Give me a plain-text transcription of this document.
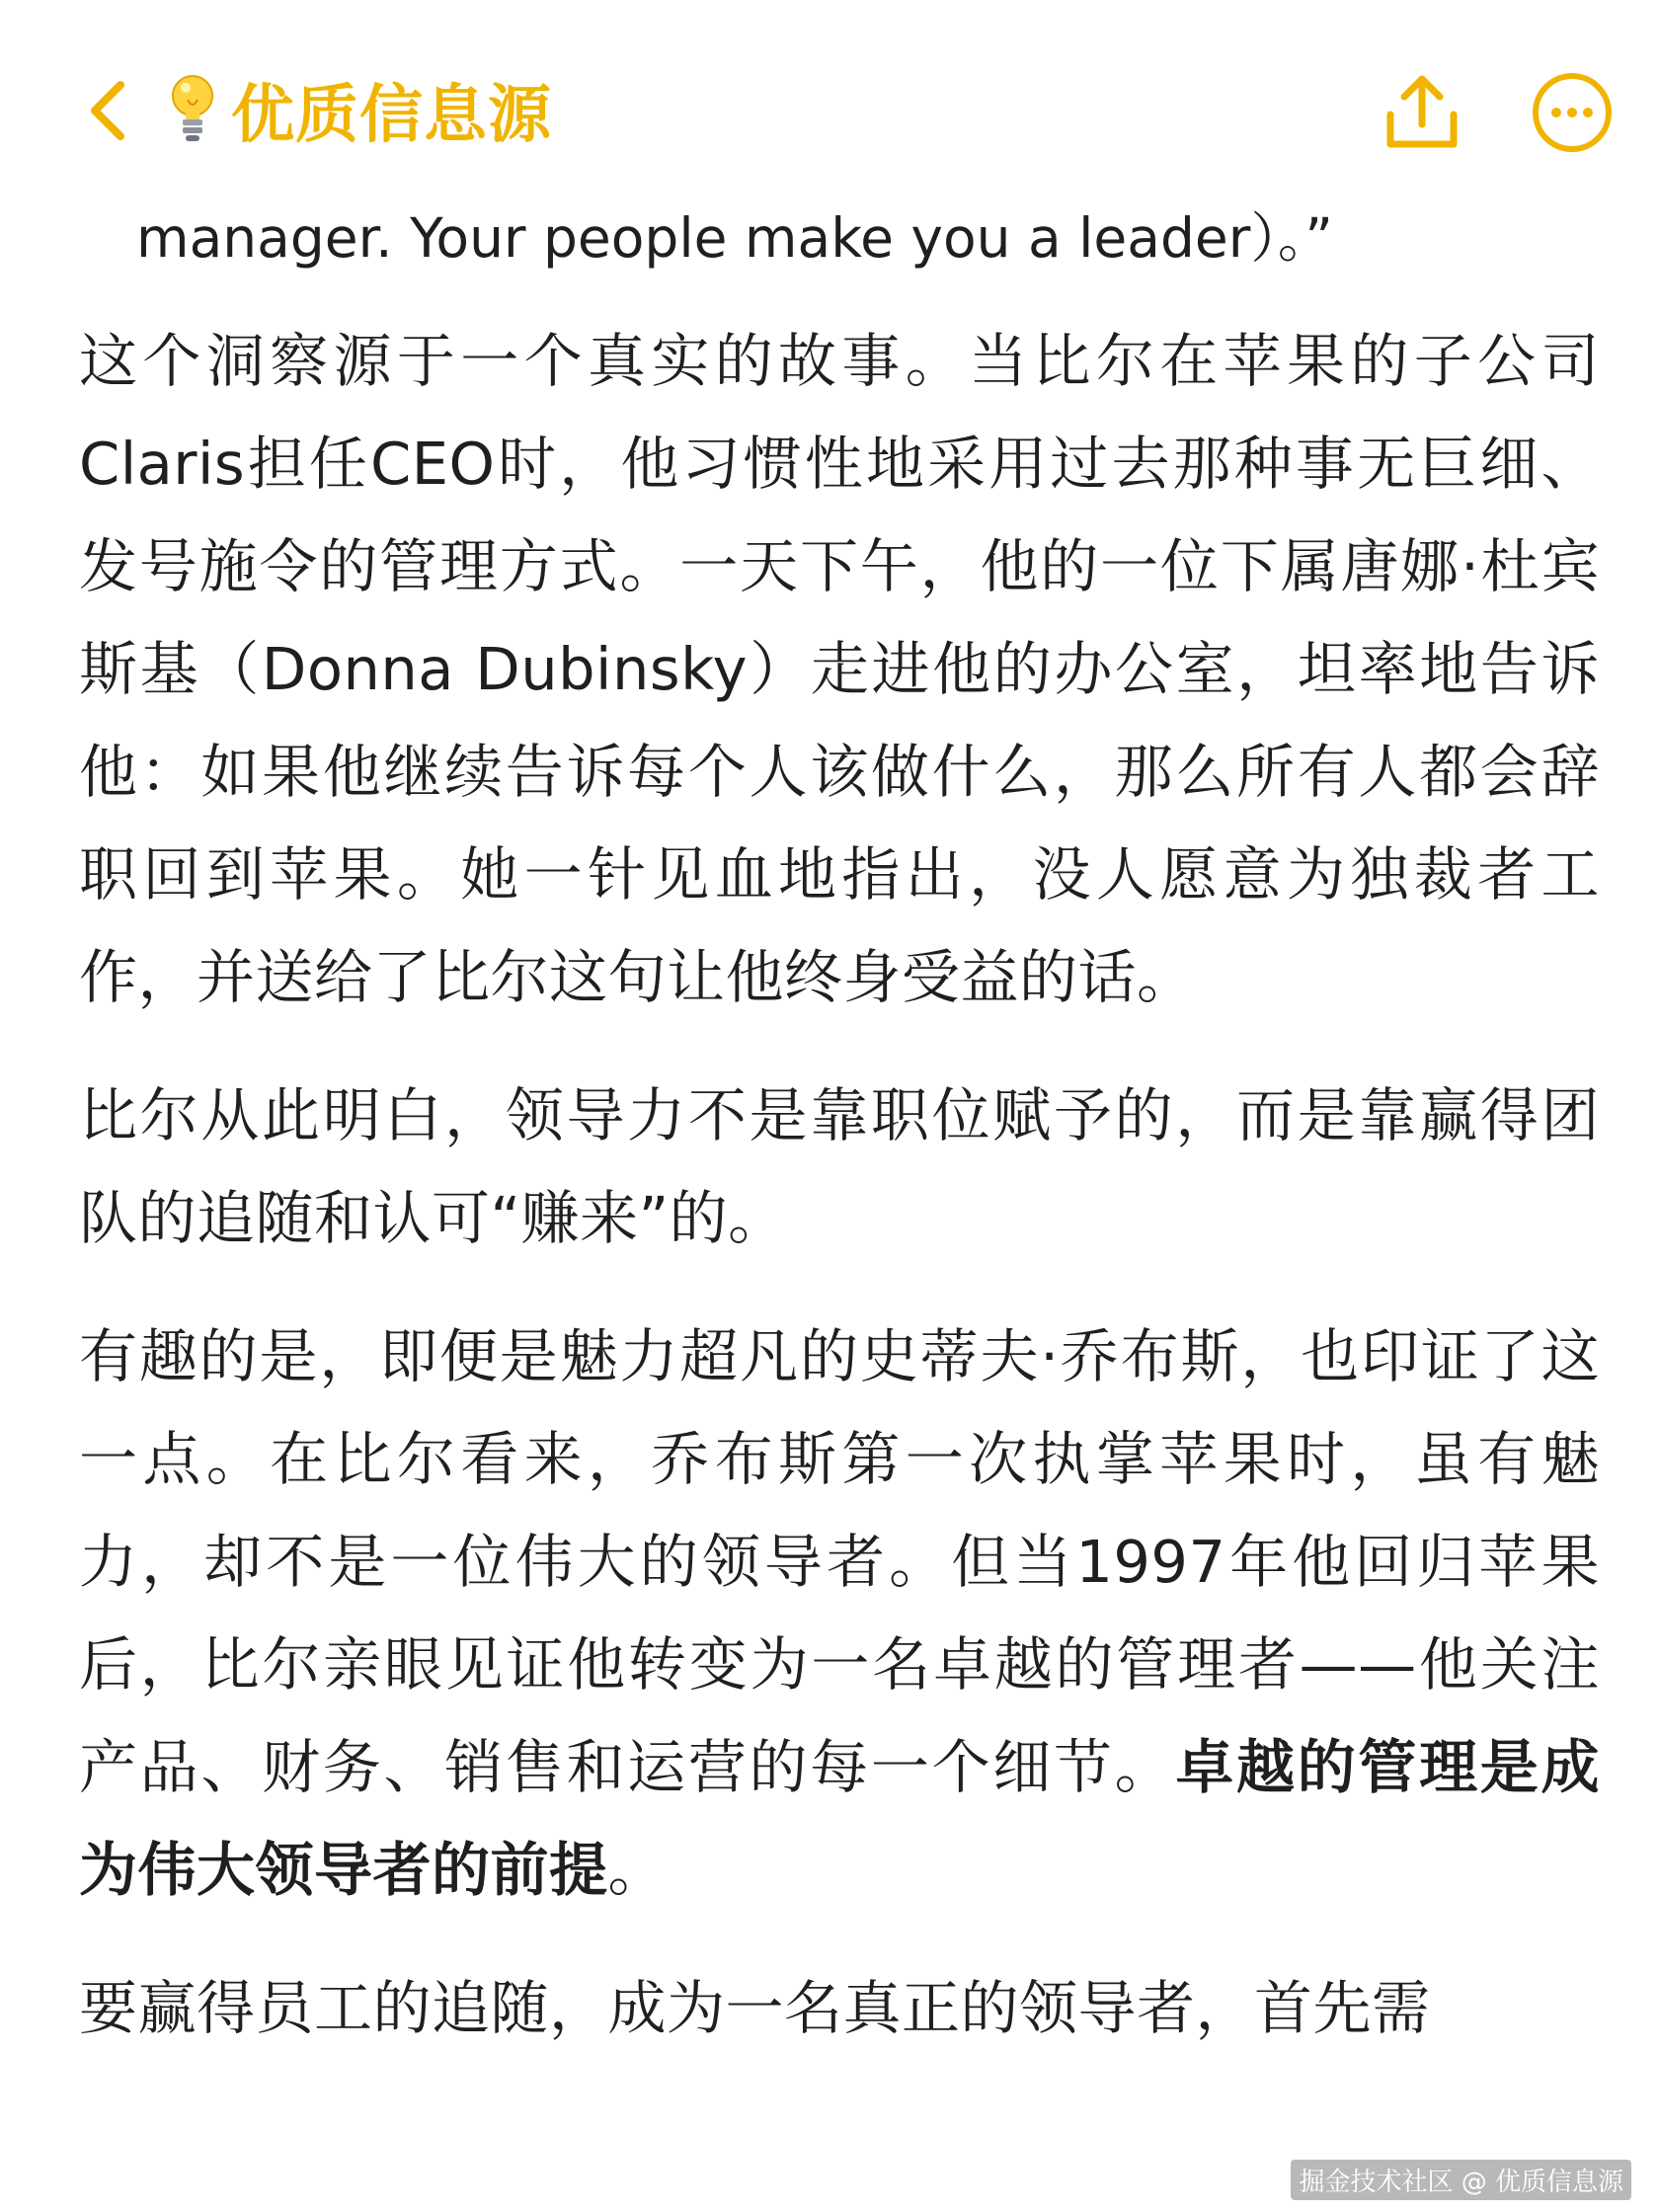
优质信息源
manager. Your people make you a leader）。”

这个洞察源于一个真实的故事。当比尔在苹果的子公司Claris担任CEO时，他习惯性地采用过去那种事无巨细、发号施令的管理方式。一天下午，他的一位下属唐娜·杜宾斯基（Donna Dubinsky）走进他的办公室，坦率地告诉他：如果他继续告诉每个人该做什么，那么所有人都会辞职回到苹果。她一针见血地指出，没人愿意为独裁者工作，并送给了比尔这句让他终身受益的话。

比尔从此明白，领导力不是靠职位赋予的，而是靠赢得团队的追随和认可“赚来”的。

有趣的是，即便是魅力超凡的史蒂夫·乔布斯，也印证了这一点。在比尔看来，乔布斯第一次执掌苹果时，虽有魅力，却不是一位伟大的领导者。但当1997年他回归苹果后，比尔亲眼见证他转变为一名卓越的管理者——他关注产品、财务、销售和运营的每一个细节。卓越的管理是成为伟大领导者的前提。

要赢得员工的追随，成为一名真正的领导者，首先需

掘金技术社区 @ 优质信息源
